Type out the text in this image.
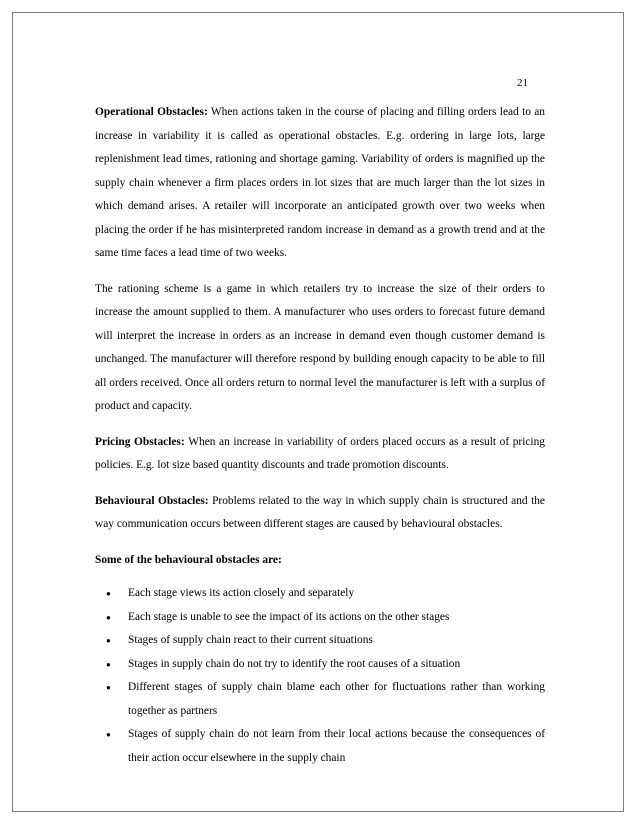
21

Operational Obstacles: When actions taken in the course of placing and filling orders lead to an increase in variability it is called as operational obstacles. E.g. ordering in large lots, large replenishment lead times, rationing and shortage gaming. Variability of orders is magnified up the supply chain whenever a firm places orders in lot sizes that are much larger than the lot sizes in which demand arises. A retailer will incorporate an anticipated growth over two weeks when placing the order if he has misinterpreted random increase in demand as a growth trend and at the same time faces a lead time of two weeks.

The rationing scheme is a game in which retailers try to increase the size of their orders to increase the amount supplied to them. A manufacturer who uses orders to forecast future demand will interpret the increase in orders as an increase in demand even though customer demand is unchanged. The manufacturer will therefore respond by building enough capacity to be able to fill all orders received. Once all orders return to normal level the manufacturer is left with a surplus of product and capacity.

Pricing Obstacles: When an increase in variability of orders placed occurs as a result of pricing policies. E.g. lot size based quantity discounts and trade promotion discounts.

Behavioural Obstacles: Problems related to the way in which supply chain is structured and the way communication occurs between different stages are caused by behavioural obstacles.

Some of the behavioural obstacles are:

● Each stage views its action closely and separately
● Each stage is unable to see the impact of its actions on the other stages
● Stages of supply chain react to their current situations
● Stages in supply chain do not try to identify the root causes of a situation
● Different stages of supply chain blame each other for fluctuations rather than working together as partners
● Stages of supply chain do not learn from their local actions because the consequences of their action occur elsewhere in the supply chain
